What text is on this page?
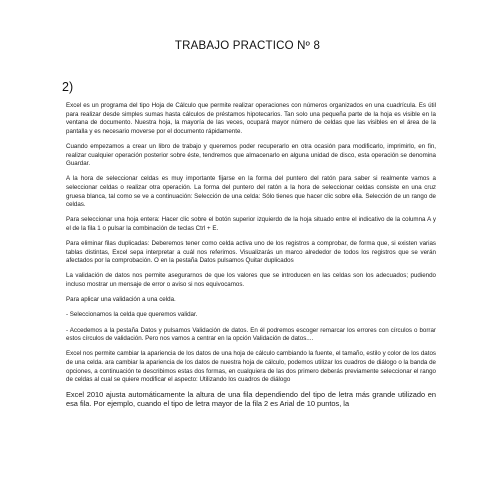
TRABAJO PRACTICO Nº 8
2)

Excel es un programa del tipo Hoja de Cálculo que permite realizar operaciones con números organizados en una cuadrícula. Es útil para realizar desde simples sumas hasta cálculos de préstamos hipotecarios. Tan solo una pequeña parte de la hoja es visible en la ventana de documento. Nuestra hoja, la mayoría de las veces, ocupará mayor número de celdas que las visibles en el área de la pantalla y es necesario moverse por el documento rápidamente.

Cuando empezamos a crear un libro de trabajo y queremos poder recuperarlo en otra ocasión para modificarlo, imprimirlo, en fin, realizar cualquier operación posterior sobre éste, tendremos que almacenarlo en alguna unidad de disco, esta operación se denomina Guardar.

A la hora de seleccionar celdas es muy importante fijarse en la forma del puntero del ratón para saber si realmente vamos a seleccionar celdas o realizar otra operación. La forma del puntero del ratón a la hora de seleccionar celdas consiste en una cruz gruesa blanca, tal como se ve a continuación: Selección de una celda: Sólo tienes que hacer clic sobre ella. Selección de un rango de celdas.

Para seleccionar una hoja entera: Hacer clic sobre el botón superior izquierdo de la hoja situado entre el indicativo de la columna A y el de la fila 1 o pulsar la combinación de teclas Ctrl + E.

Para eliminar filas duplicadas: Deberemos tener como celda activa uno de los registros a comprobar, de forma que, si existen varias tablas distintas, Excel sepa interpretar a cuál nos referimos. Visualizarás un marco alrededor de todos los registros que se verán afectados por la comprobación. O en la pestaña Datos pulsamos Quitar duplicados

La validación de datos nos permite asegurarnos de que los valores que se introducen en las celdas son los adecuados; pudiendo incluso mostrar un mensaje de error o aviso si nos equivocamos.

Para aplicar una validación a una celda.

- Seleccionamos la celda que queremos validar.

- Accedemos a la pestaña Datos y pulsamos Validación de datos. En él podremos escoger remarcar los errores con círculos o borrar estos círculos de validación. Pero nos vamos a centrar en la opción Validación de datos....

Excel nos permite cambiar la apariencia de los datos de una hoja de cálculo cambiando la fuente, el tamaño, estilo y color de los datos de una celda. ara cambiar la apariencia de los datos de nuestra hoja de cálculo, podemos utilizar los cuadros de diálogo o la banda de opciones, a continuación te describimos estas dos formas, en cualquiera de las dos primero deberás previamente seleccionar el rango de celdas al cual se quiere modificar el aspecto: Utilizando los cuadros de diálogo

Excel 2010 ajusta automáticamente la altura de una fila dependiendo del tipo de letra más grande utilizado en esa fila. Por ejemplo, cuando el tipo de letra mayor de la fila 2 es Arial de 10 puntos, la
